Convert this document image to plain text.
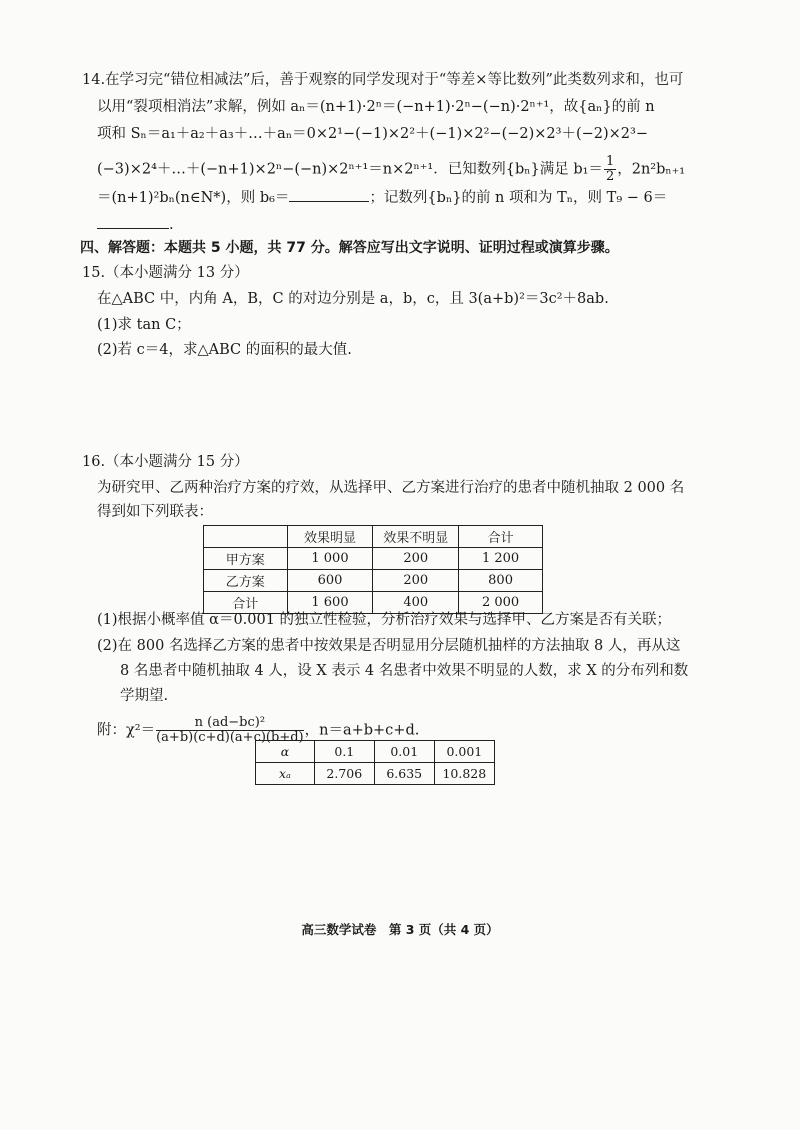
14.在学习完“错位相减法”后，善于观察的同学发现对于“等差×等比数列”此类数列求和，也可
以用“裂项相消法”求解，例如 aₙ＝(n+1)·2ⁿ＝(−n+1)·2ⁿ−(−n)·2ⁿ⁺¹，故{aₙ}的前 n
项和 Sₙ＝a₁＋a₂＋a₃＋…＋aₙ＝0×2¹−(−1)×2²＋(−1)×2²−(−2)×2³＋(−2)×2³−
(−3)×2⁴＋…＋(−n+1)×2ⁿ−(−n)×2ⁿ⁺¹＝n×2ⁿ⁺¹．已知数列{bₙ}满足 $b_1= \frac{1}{2}$ ，2n²bₙ₊₁
＝(n+1)²bₙ(n∈N*)，则 b₆＝	；记数列{bₙ}的前 n 项和为 Tₙ，则 T₉ − 6＝
.
四、解答题：本题共 5 小题，共 77 分。解答应写出文字说明、证明过程或演算步骤。
15.（本小题满分 13 分）
在△ABC 中，内角 A，B，C 的对边分别是 a，b，c，且 3(a+b)²＝3c²＋8ab.
(1)求 tan C；
(2)若 c＝4，求△ABC 的面积的最大值.
16.（本小题满分 15 分）
为研究甲、乙两种治疗方案的疗效，从选择甲、乙方案进行治疗的患者中随机抽取 2 000 名
得到如下列联表：
	效果明显	效果不明显	合计
甲方案	1 000	200	1 200
乙方案	600	200	800
合计	1 600	400	2 000
(1)根据小概率值 α＝0.001 的独立性检验，分析治疗效果与选择甲、乙方案是否有关联；
(2)在 800 名选择乙方案的患者中按效果是否明显用分层随机抽样的方法抽取 8 人，再从这
8 名患者中随机抽取 4 人，设 X 表示 4 名患者中效果不明显的人数，求 X 的分布列和数
学期望.
附：$\chi^2= \frac{\text{n (ad−bc)²}}{(a+b)(c+d)(a+c)(b+d)}$ ，n＝a+b+c+d.
α	0.1	0.01	0.001
xₐ	2.706	6.635	10.828
高三数学试卷　第 3 页（共 4 页）
